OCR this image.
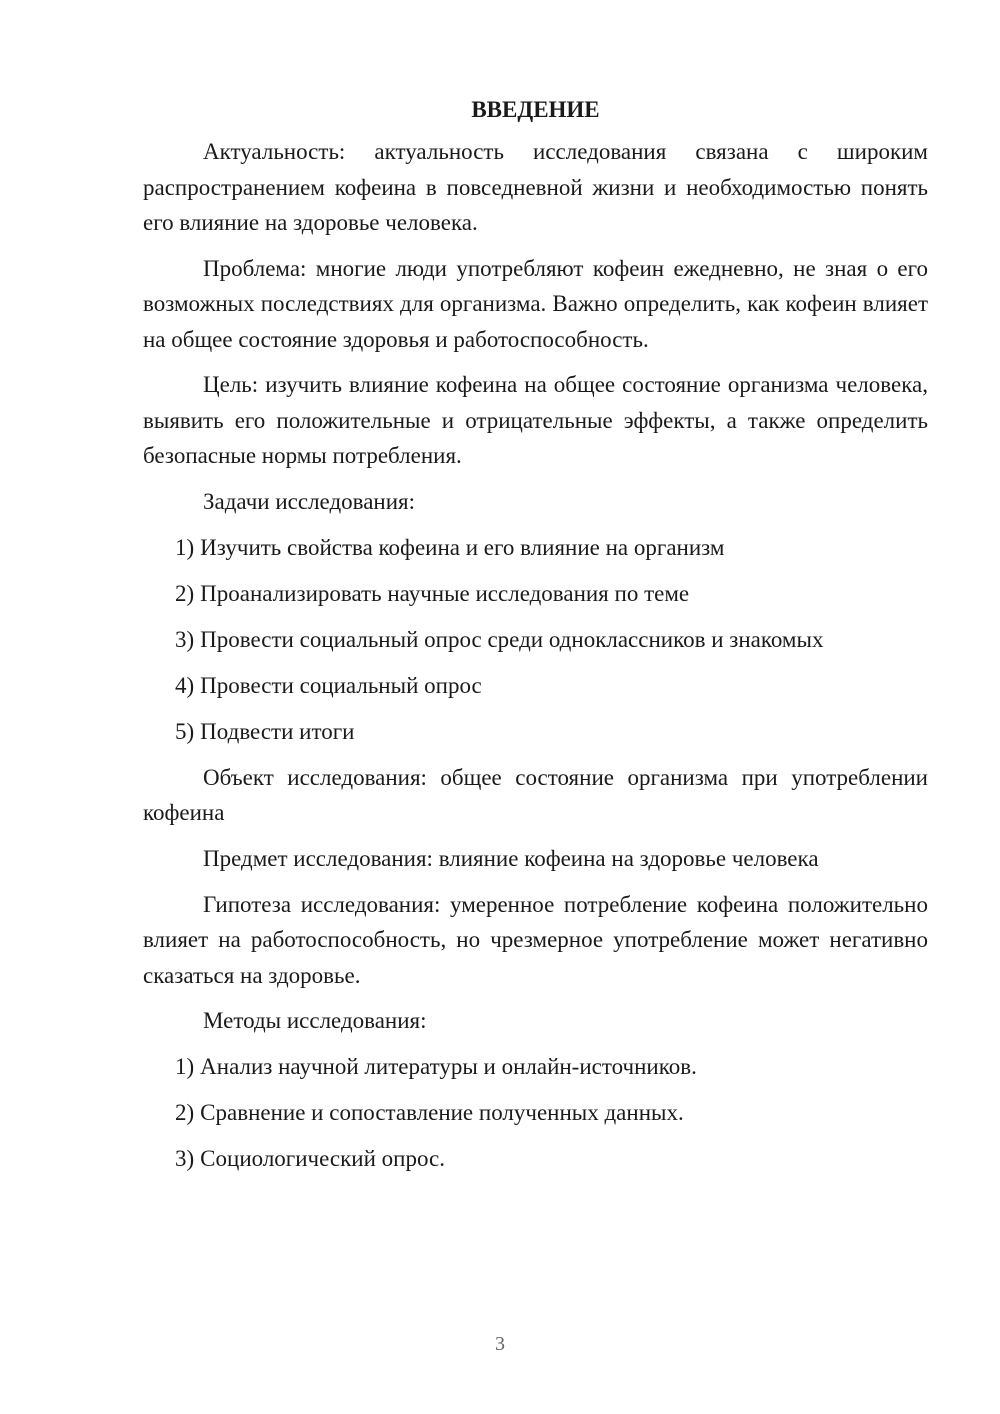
ВВЕДЕНИЕ

Актуальность: актуальность исследования связана с широким распространением кофеина в повседневной жизни и необходимостью понять его влияние на здоровье человека.

Проблема: многие люди употребляют кофеин ежедневно, не зная о его возможных последствиях для организма. Важно определить, как кофеин влияет на общее состояние здоровья и работоспособность.

Цель: изучить влияние кофеина на общее состояние организма человека, выявить его положительные и отрицательные эффекты, а также определить безопасные нормы потребления.

Задачи исследования:

1) Изучить свойства кофеина и его влияние на организм
2) Проанализировать научные исследования по теме
3) Провести социальный опрос среди одноклассников и знакомых
4) Провести социальный опрос
5) Подвести итоги

Объект исследования: общее состояние организма при употреблении кофеина

Предмет исследования: влияние кофеина на здоровье человека

Гипотеза исследования: умеренное потребление кофеина положительно влияет на работоспособность, но чрезмерное употребление может негативно сказаться на здоровье.

Методы исследования:

1) Анализ научной литературы и онлайн-источников.
2) Сравнение и сопоставление полученных данных.
3) Социологический опрос.
3
